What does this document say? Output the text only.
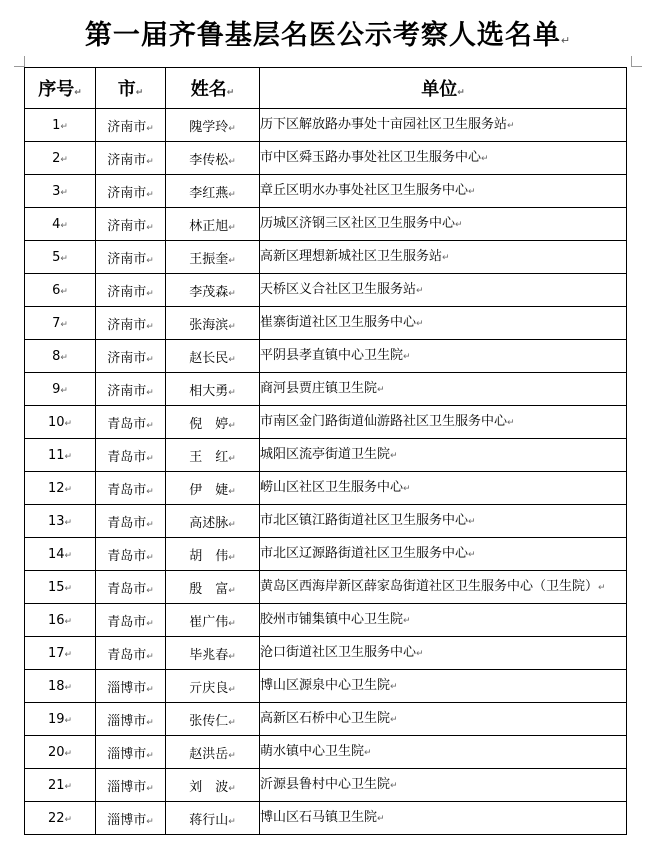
第一届齐鲁基层名医公示考察人选名单↵
序号↵	市↵	姓名↵	单位↵
1↵	济南市↵	隗学玲↵	历下区解放路办事处十亩园社区卫生服务站↵
2↵	济南市↵	李传松↵	市中区舜玉路办事处社区卫生服务中心↵
3↵	济南市↵	李红燕↵	章丘区明水办事处社区卫生服务中心↵
4↵	济南市↵	林正旭↵	历城区济钢三区社区卫生服务中心↵
5↵	济南市↵	王振奎↵	高新区理想新城社区卫生服务站↵
6↵	济南市↵	李茂森↵	天桥区义合社区卫生服务站↵
7↵	济南市↵	张海滨↵	崔寨街道社区卫生服务中心↵
8↵	济南市↵	赵长民↵	平阴县孝直镇中心卫生院↵
9↵	济南市↵	相大勇↵	商河县贾庄镇卫生院↵
10↵	青岛市↵	倪　婷↵	市南区金门路街道仙游路社区卫生服务中心↵
11↵	青岛市↵	王　红↵	城阳区流亭街道卫生院↵
12↵	青岛市↵	伊　婕↵	崂山区社区卫生服务中心↵
13↵	青岛市↵	高述脉↵	市北区镇江路街道社区卫生服务中心↵
14↵	青岛市↵	胡　伟↵	市北区辽源路街道社区卫生服务中心↵
15↵	青岛市↵	殷　富↵	黄岛区西海岸新区薛家岛街道社区卫生服务中心（卫生院）↵
16↵	青岛市↵	崔广伟↵	胶州市铺集镇中心卫生院↵
17↵	青岛市↵	毕兆春↵	沧口街道社区卫生服务中心↵
18↵	淄博市↵	亓庆良↵	博山区源泉中心卫生院↵
19↵	淄博市↵	张传仁↵	高新区石桥中心卫生院↵
20↵	淄博市↵	赵洪岳↵	萌水镇中心卫生院↵
21↵	淄博市↵	刘　波↵	沂源县鲁村中心卫生院↵
22↵	淄博市↵	蒋行山↵	博山区石马镇卫生院↵
